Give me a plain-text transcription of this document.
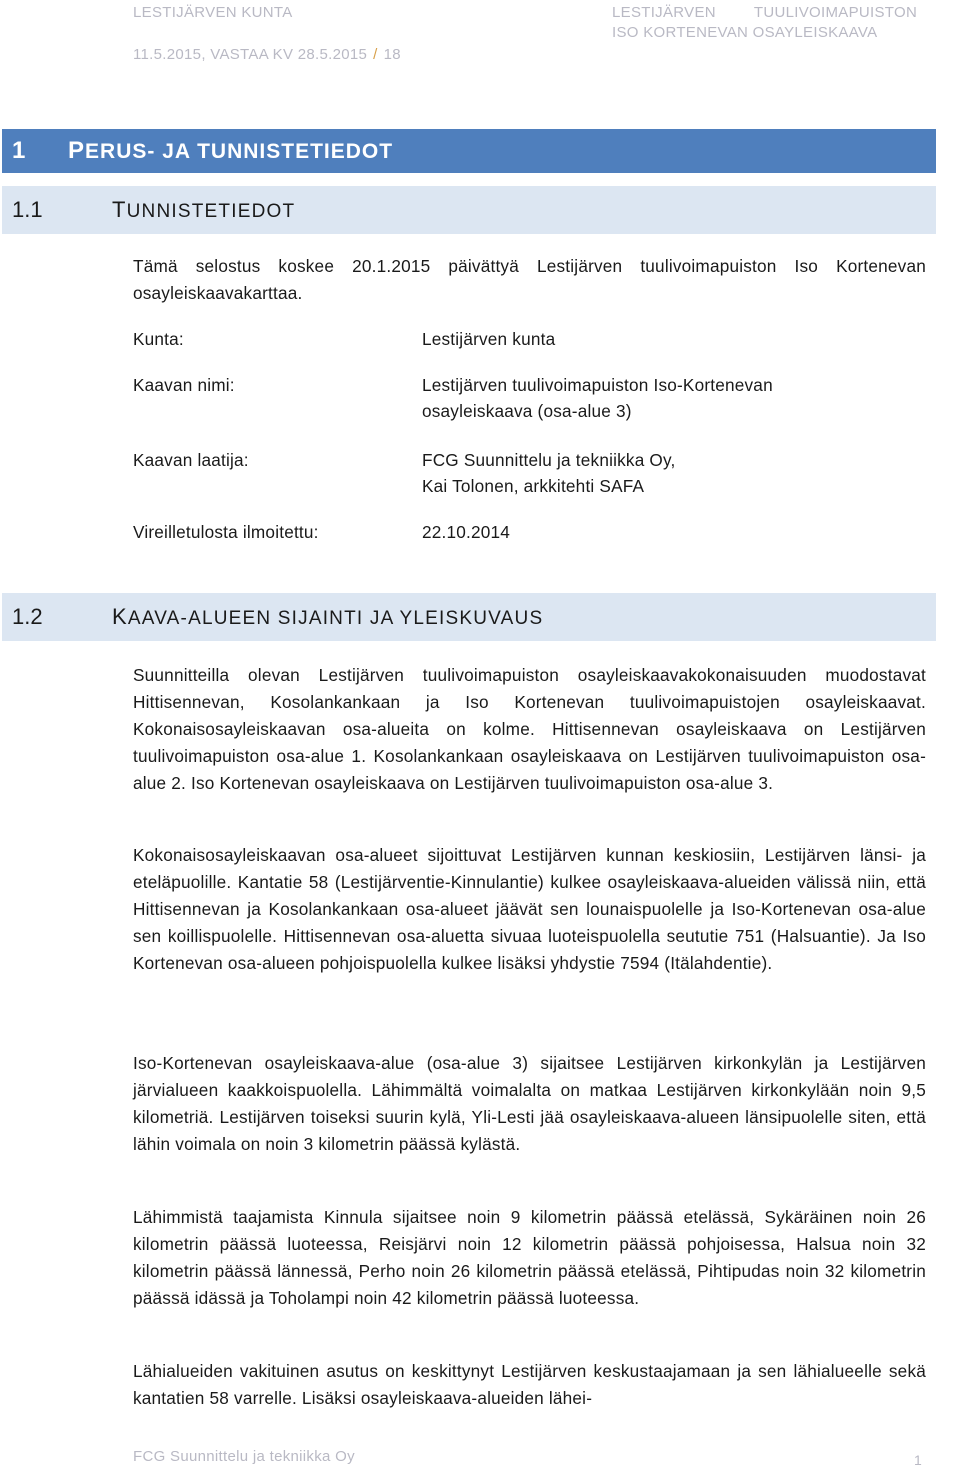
LESTIJÄRVEN KUNTA
11.5.2015, VASTAA KV 28.5.2015 / 18
LESTIJÄRVEN	TUULIVOIMAPUISTON
ISO KORTENEVAN OSAYLEISKAAVA
1	PERUS- JA TUNNISTETIEDOT
1.1	TUNNISTETIEDOT
Tämä selostus koskee 20.1.2015 päivättyä Lestijärven tuulivoimapuiston Iso Kortenevan osayleiskaavakarttaa.
Kunta:	Lestijärven kunta
Kaavan nimi:	Lestijärven tuulivoimapuiston Iso-Kortenevan osayleiskaava (osa-alue 3)
Kaavan laatija:	FCG Suunnittelu ja tekniikka Oy,
Kai Tolonen, arkkitehti SAFA
Vireilletulosta ilmoitettu:	22.10.2014
1.2	KAAVA-ALUEEN SIJAINTI JA YLEISKUVAUS
Suunnitteilla olevan Lestijärven tuulivoimapuiston osayleiskaavakokonaisuuden muodostavat Hittisennevan, Kosolankankaan ja Iso Kortenevan tuulivoimapuistojen osayleiskaavat. Kokonaisosayleiskaavan osa-alueita on kolme. Hittisennevan osayleiskaava on Lestijärven tuulivoimapuiston osa-alue 1. Kosolankankaan osayleiskaava on Lestijärven tuulivoimapuiston osa-alue 2. Iso Kortenevan osayleiskaava on Lestijärven tuulivoimapuiston osa-alue 3.
Kokonaisosayleiskaavan osa-alueet sijoittuvat Lestijärven kunnan keskiosiin, Lestijärven länsi- ja eteläpuolille. Kantatie 58 (Lestijärventie-Kinnulantie) kulkee osayleiskaava-alueiden välissä niin, että Hittisennevan ja Kosolankankaan osa-alueet jäävät sen lounaispuolelle ja Iso-Kortenevan osa-alue sen koillispuolelle. Hittisennevan osa-aluetta sivuaa luoteispuolella seututie 751 (Halsuantie). Ja Iso Kortenevan osa-alueen pohjoispuolella kulkee lisäksi yhdystie 7594 (Itälahdentie).
Iso-Kortenevan osayleiskaava-alue (osa-alue 3) sijaitsee Lestijärven kirkonkylän ja Lestijärven järvialueen kaakkoispuolella. Lähimmältä voimalalta on matkaa Lestijärven kirkonkylään noin 9,5 kilometriä. Lestijärven toiseksi suurin kylä, Yli-Lesti jää osayleiskaava-alueen länsipuolelle siten, että lähin voimala on noin 3 kilometrin päässä kylästä.
Lähimmistä taajamista Kinnula sijaitsee noin 9 kilometrin päässä etelässä, Sykäräinen noin 26 kilometrin päässä luoteessa, Reisjärvi noin 12 kilometrin päässä pohjoisessa, Halsua noin 32 kilometrin päässä lännessä, Perho noin 26 kilometrin päässä etelässä, Pihtipudas noin 32 kilometrin päässä idässä ja Toholampi noin 42 kilometrin päässä luoteessa.
Lähialueiden vakituinen asutus on keskittynyt Lestijärven keskustaajamaan ja sen lähialueelle sekä kantatien 58 varrelle. Lisäksi osayleiskaava-alueiden lähei-
FCG Suunnittelu ja tekniikka Oy	1
